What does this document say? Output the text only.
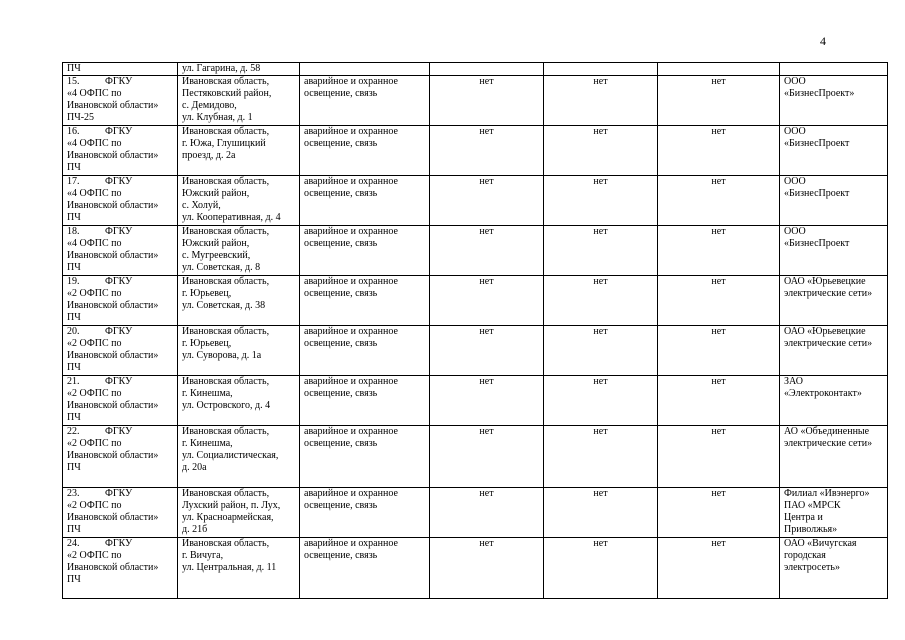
4
ПЧ	ул. Гагарина, д. 58					

15. ФГКУ
«4 ОФПС по
Ивановской области»
ПЧ-25	Ивановская область,
Пестяковский район,
с. Демидово,
ул. Клубная, д. 1	аварийное и охранное
освещение, связь	нет	нет	нет	ООО
«БизнесПроект»

16. ФГКУ
«4 ОФПС по
Ивановской области»
ПЧ	Ивановская область,
г. Южа, Глушицкий
проезд, д. 2а	аварийное и охранное
освещение, связь	нет	нет	нет	ООО
«БизнесПроект

17. ФГКУ
«4 ОФПС по
Ивановской области»
ПЧ	Ивановская область,
Южский район,
с. Холуй,
ул. Кооперативная, д. 4	аварийное и охранное
освещение, связь	нет	нет	нет	ООО
«БизнесПроект

18. ФГКУ
«4 ОФПС по
Ивановской области»
ПЧ	Ивановская область,
Южский район,
с. Мугреевский,
ул. Советская, д. 8	аварийное и охранное
освещение, связь	нет	нет	нет	ООО
«БизнесПроект

19. ФГКУ
«2 ОФПС по
Ивановской области»
ПЧ	Ивановская область,
г. Юрьевец,
ул. Советская, д. 38	аварийное и охранное
освещение, связь	нет	нет	нет	ОАО «Юрьевецкие
электрические сети»

20. ФГКУ
«2 ОФПС по
Ивановской области»
ПЧ	Ивановская область,
г. Юрьевец,
ул. Суворова, д. 1а	аварийное и охранное
освещение, связь	нет	нет	нет	ОАО «Юрьевецкие
электрические сети»

21. ФГКУ
«2 ОФПС по
Ивановской области»
ПЧ	Ивановская область,
г. Кинешма,
ул. Островского, д. 4	аварийное и охранное
освещение, связь	нет	нет	нет	ЗАО
«Электроконтакт»

22. ФГКУ
«2 ОФПС по
Ивановской области»
ПЧ	Ивановская область,
г. Кинешма,
ул. Социалистическая,
д. 20а	аварийное и охранное
освещение, связь	нет	нет	нет	АО «Объединенные
электрические сети»

23. ФГКУ
«2 ОФПС по
Ивановской области»
ПЧ	Ивановская область,
Лухский район, п. Лух,
ул. Красноармейская,
д. 21б	аварийное и охранное
освещение, связь	нет	нет	нет	Филиал «Ивэнерго»
ПАО «МРСК
Центра и
Приволжья»

24. ФГКУ
«2 ОФПС по
Ивановской области»
ПЧ	Ивановская область,
г. Вичуга,
ул. Центральная, д. 11	аварийное и охранное
освещение, связь	нет	нет	нет	ОАО «Вичугская
городская
электросеть»
